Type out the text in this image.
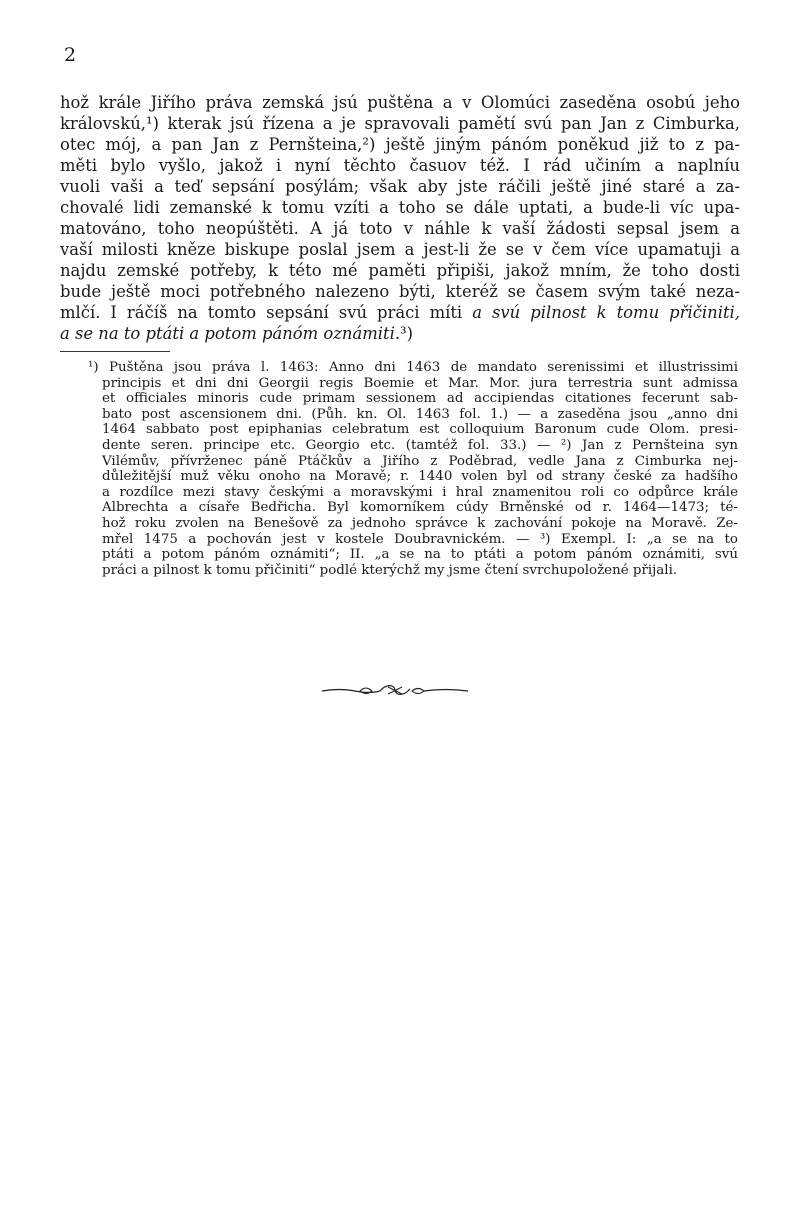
2
hož krále Jiřího práva zemská jsú puštěna a v Olomúci zaseděna osobú jeho
královskú,¹) kterak jsú řízena a je spravovali pamětí svú pan Jan z Cimburka,
otec mój, a pan Jan z Pernšteina,²) ještě jiným pánóm poněkud již to z pa-
měti bylo vyšlo, jakož i nyní těchto časuov též. I rád učiním a naplníu
vuoli vaši a teď sepsání posýlám; však aby jste ráčili ještě jiné staré a za-
chovalé lidi zemanské k tomu vzíti a toho se dále uptati, a bude-li víc upa-
matováno, toho neopúštěti. A já toto v náhle k vaší žádosti sepsal jsem a
vaší milosti kněze biskupe poslal jsem a jest-li že se v čem více upamatuji a
najdu zemské potřeby, k této mé paměti připiši, jakož mním, že toho dosti
bude ještě moci potřebného nalezeno býti, kteréž se časem svým také neza-
mlčí. I ráčíš na tomto sepsání svú práci míti a svú pilnost k tomu přičiniti,
a se na to ptáti a potom pánóm oznámiti.³)
¹) Puštěna jsou práva l. 1463: Anno dni 1463 de mandato serenissimi et illustrissimi
principis et dni dni Georgii regis Boemie et Mar. Mor. jura terrestria sunt admissa
et officiales minoris cude primam sessionem ad accipiendas citationes fecerunt sab-
bato post ascensionem dni. (Půh. kn. Ol. 1463 fol. 1.) — a zaseděna jsou „anno dni
1464 sabbato post epiphanias celebratum est colloquium Baronum cude Olom. presi-
dente seren. principe etc. Georgio etc. (tamtéž fol. 33.) — ²) Jan z Pernšteina syn
Vilémův, přívrženec páně Ptáčkův a Jiřího z Poděbrad, vedle Jana z Cimburka nej-
důležitější muž věku onoho na Moravě; r. 1440 volen byl od strany české za hadšího
a rozdílce mezi stavy českými a moravskými i hral znamenitou roli co odpůrce krále
Albrechta a císaře Bedřicha. Byl komorníkem cúdy Brněnské od r. 1464—1473; té-
hož roku zvolen na Benešově za jednoho správce k zachování pokoje na Moravě. Ze-
mřel 1475 a pochován jest v kostele Doubravnickém. — ³) Exempl. I: „a se na to
ptáti a potom pánóm oznámiti“; II. „a se na to ptáti a potom pánóm oznámiti, svú
práci a pilnost k tomu přičiniti“ podlé kterýchž my jsme čtení svrchupoložené přijali.
